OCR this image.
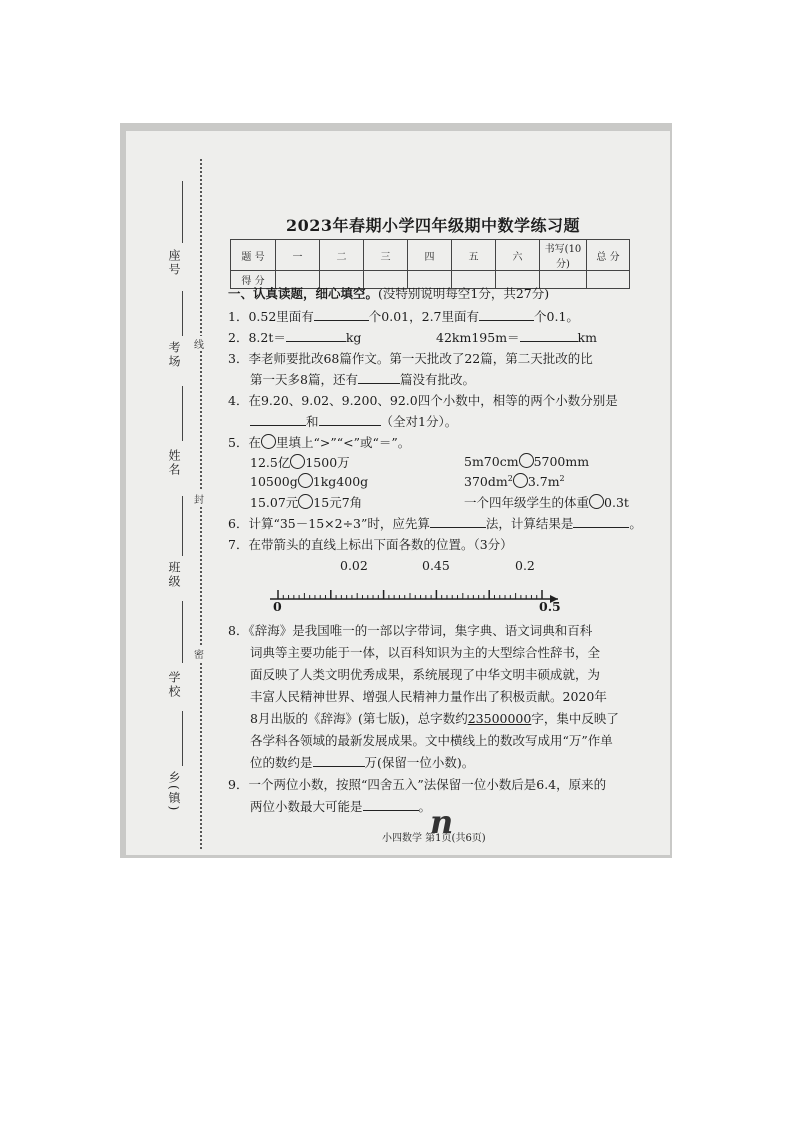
线
封
密
座号
考场
姓名
班级
学校
乡(镇)
2023年春期小学四年级期中数学练习题
题 号	一	二	三	四	五	六	书写(10分)	总 分
得 分								
一、认真读题，细心填空。(没特别说明每空1分，共27分)
1．0.52里面有	个0.01，2.7里面有	个0.1。
2．8.2t＝	kg	42km195m＝	km
3．李老师要批改68篇作文。第一天批改了22篇，第二天批改的比
第一天多8篇，还有	篇没有批改。
4．在9.20、9.02、9.200、92.0四个小数中，相等的两个小数分别是
和	（全对1分）。
5．在 里填上“>”“<”或“＝”。
12.5亿 1500万	5m70cm 5700mm
10500g 1kg400g	$370dm^2$ $3.7m^2$
15.07元 15元7角	一个四年级学生的体重 0.3t
6．计算“35－15×2÷3”时，应先算	法，计算结果是	。
7．在带箭头的直线上标出下面各数的位置。（3分）
0.02	0.45	0.2
0	0.5
8．《辞海》是我国唯一的一部以字带词，集字典、语文词典和百科
词典等主要功能于一体，以百科知识为主的大型综合性辞书，全
面反映了人类文明优秀成果，系统展现了中华文明丰硕成就，为
丰富人民精神世界、增强人民精神力量作出了积极贡献。2020年
8月出版的《辞海》(第七版)，总字数约23500000字，集中反映了
各学科各领域的最新发展成果。文中横线上的数改写成用“万”作单
位的数约是	万(保留一位小数)。
9．一个两位小数，按照“四舍五入”法保留一位小数后是6.4，原来的
两位小数最大可能是	。
n
小四数学 第1页(共6页)
